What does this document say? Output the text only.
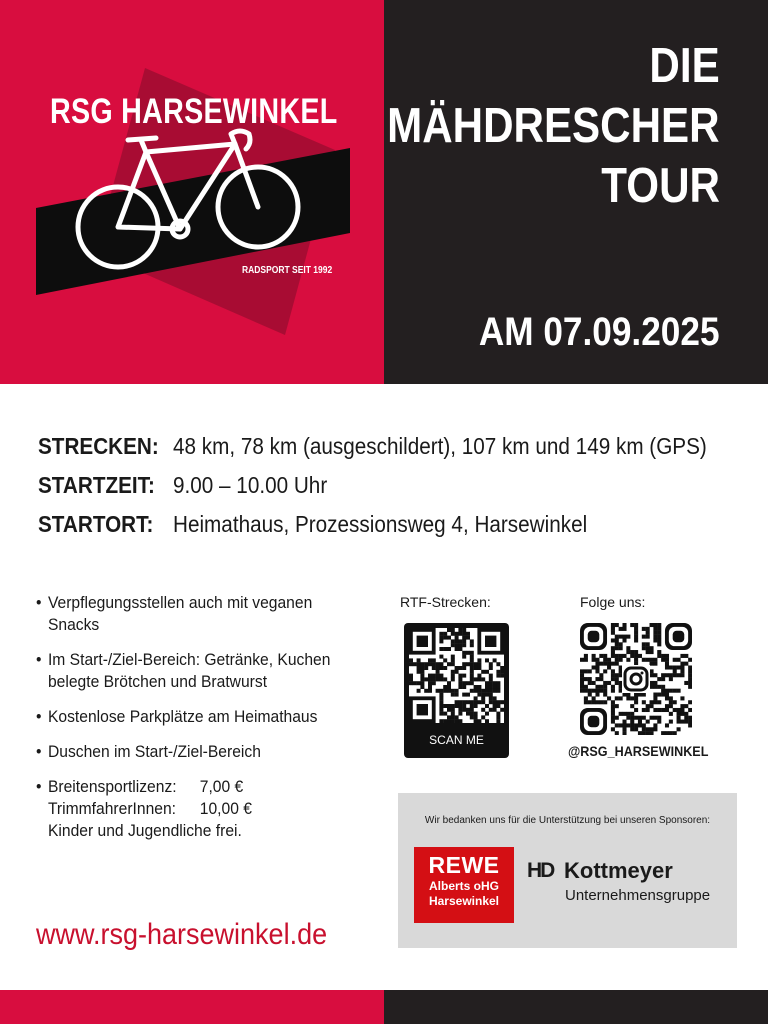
RSG HARSEWINKEL
RADSPORT SEIT 1992
DIE
MÄHDRESCHER
TOUR
AM 07.09.2025
STRECKEN: 48 km, 78 km (ausgeschildert), 107 km und 149 km (GPS)
STARTZEIT: 9.00 – 10.00 Uhr
STARTORT: Heimathaus, Prozessionsweg 4, Harsewinkel
• Verpflegungsstellen auch mit veganen
Snacks
• Im Start-/Ziel-Bereich: Getränke, Kuchen
belegte Brötchen und Bratwurst
• Kostenlose Parkplätze am Heimathaus
• Duschen im Start-/Ziel-Bereich
• Breitensportlizenz:	7,00 €
TrimmfahrerInnen:	10,00 €
Kinder und Jugendliche frei.
RTF-Strecken:
SCAN ME
Folge uns:
@RSG_HARSEWINKEL
Wir bedanken uns für die Unterstützung bei unseren Sponsoren:
REWE
Alberts oHG
Harsewinkel
HD Kottmeyer
Unternehmensgruppe
www.rsg-harsewinkel.de
